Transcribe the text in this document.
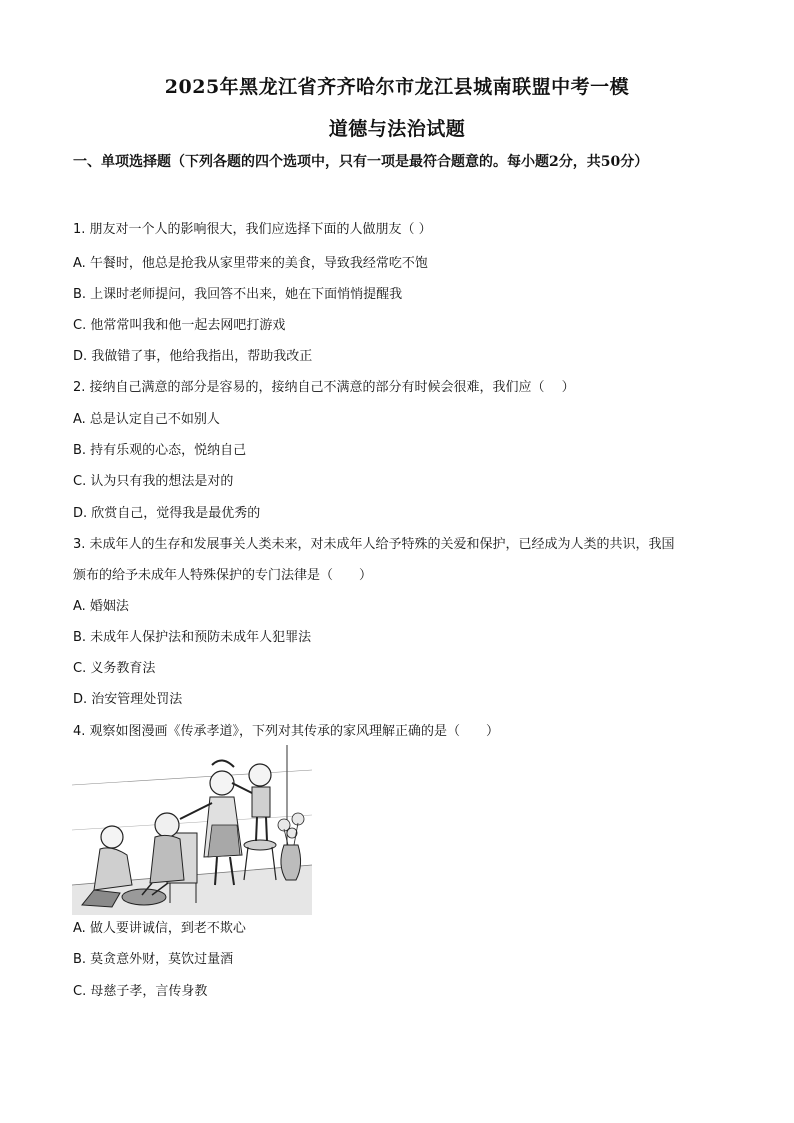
2025年黑龙江省齐齐哈尔市龙江县城南联盟中考一模
道德与法治试题
一、单项选择题（下列各题的四个选项中，只有一项是最符合题意的。每小题2分，共50分）
1. 朋友对一个人的影响很大，我们应选择下面的人做朋友（ ）
A. 午餐时，他总是抢我从家里带来的美食，导致我经常吃不饱
B. 上课时老师提问，我回答不出来，她在下面悄悄提醒我
C. 他常常叫我和他一起去网吧打游戏
D. 我做错了事，他给我指出，帮助我改正
2. 接纳自己满意的部分是容易的，接纳自己不满意的部分有时候会很难，我们应（　 ）
A. 总是认定自己不如别人
B. 持有乐观的心态，悦纳自己
C. 认为只有我的想法是对的
D. 欣赏自己，觉得我是最优秀的
3. 未成年人的生存和发展事关人类未来，对未成年人给予特殊的关爱和保护，已经成为人类的共识，我国
颁布的给予未成年人特殊保护的专门法律是（　　）
A. 婚姻法
B. 未成年人保护法和预防未成年人犯罪法
C. 义务教育法
D. 治安管理处罚法
4. 观察如图漫画《传承孝道》，下列对其传承的家风理解正确的是（　　）
A. 做人要讲诚信，到老不欺心
B. 莫贪意外财，莫饮过量酒
C. 母慈子孝，言传身教
